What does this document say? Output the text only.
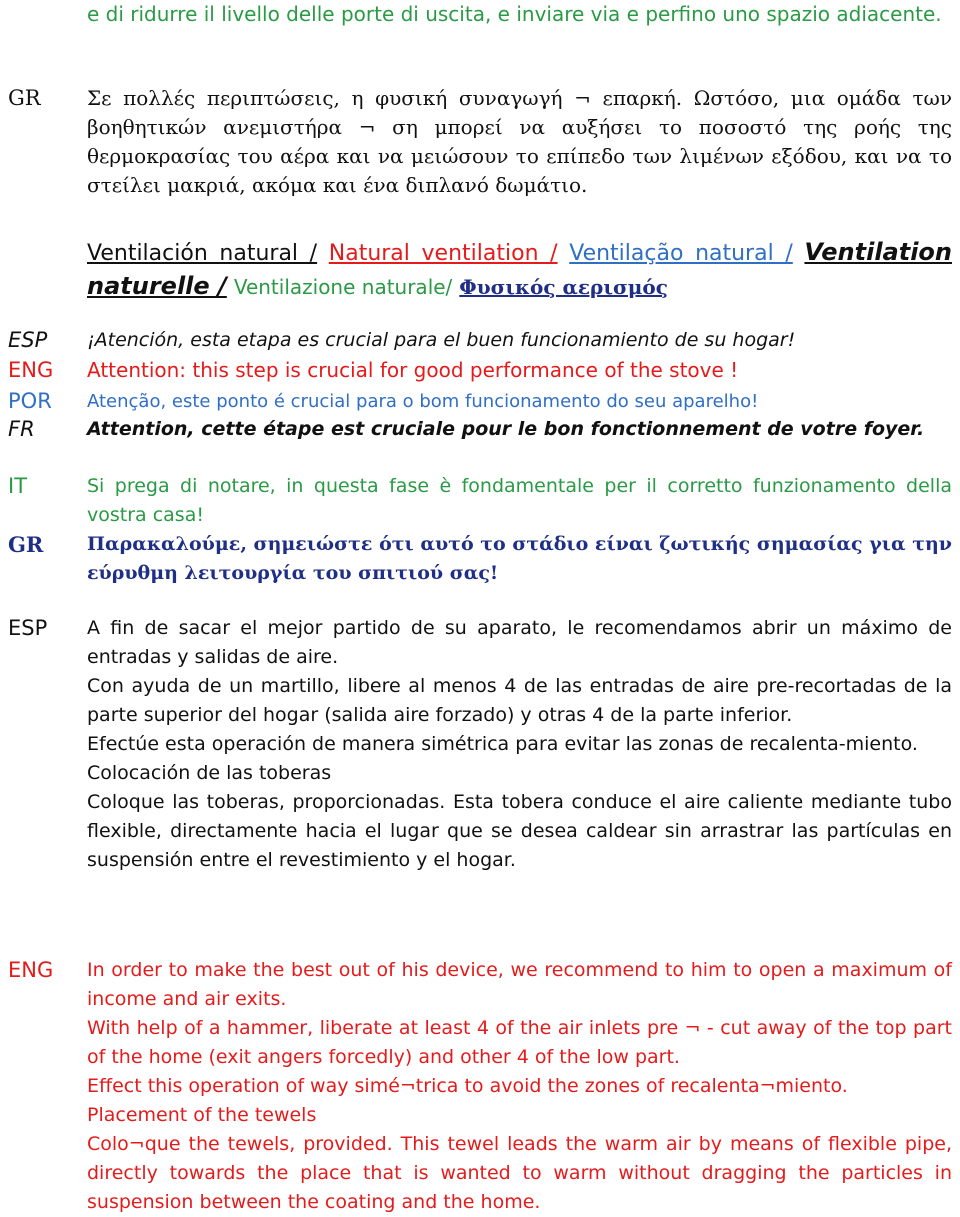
e di ridurre il livello delle porte di uscita, e inviare via e perfino uno spazio adiacente.
GR Σε πολλές περιπτώσεις, η φυσική συναγωγή ¬ επαρκή. Ωστόσο, μια ομάδα των βοηθητικών ανεμιστήρα ¬ ση μπορεί να αυξήσει το ποσοστό της ροής της θερμοκρασίας του αέρα και να μειώσουν το επίπεδο των λιμένων εξόδου, και να το στείλει μακριά, ακόμα και ένα διπλανό δωμάτιο.
Ventilación natural / Natural ventilation / Ventilação natural / Ventilation naturelle / Ventilazione naturale/ Φυσικός αερισμός
ESP ¡Atención, esta etapa es crucial para el buen funcionamiento de su hogar!
ENG Attention: this step is crucial for good performance of the stove !
POR Atenção, este ponto é crucial para o bom funcionamento do seu aparelho!
FR	Attention, cette étape est cruciale pour le bon fonctionnement de votre foyer.
IT	Si prega di notare, in questa fase è fondamentale per il corretto funzionamento della vostra casa!
GR Παρακαλούμε, σημειώστε ότι αυτό το στάδιο είναι ζωτικής σημασίας για την εύρυθμη λειτουργία του σπιτιού σας!
ESP A fin de sacar el mejor partido de su aparato, le recomendamos abrir un máximo de entradas y salidas de aire.

Con ayuda de un martillo, libere al menos 4 de las entradas de aire pre-recortadas de la parte superior del hogar (salida aire forzado) y otras 4 de la parte inferior.

Efectúe esta operación de manera simétrica para evitar las zonas de recalenta-miento.

Colocación de las toberas

Coloque las toberas, proporcionadas. Esta tobera conduce el aire caliente mediante tubo flexible, directamente hacia el lugar que se desea caldear sin arrastrar las partículas en suspensión entre el revestimiento y el hogar.

ENG In order to make the best out of his device, we recommend to him to open a maximum of income and air exits.

With help of a hammer, liberate at least 4 of the air inlets pre ¬ - cut away of the top part of the home (exit angers forcedly) and other 4 of the low part.

Effect this operation of way simé¬trica to avoid the zones of recalenta¬miento.

Placement of the tewels

Colo¬que the tewels, provided. This tewel leads the warm air by means of flexible pipe, directly towards the place that is wanted to warm without dragging the particles in suspension between the coating and the home.
